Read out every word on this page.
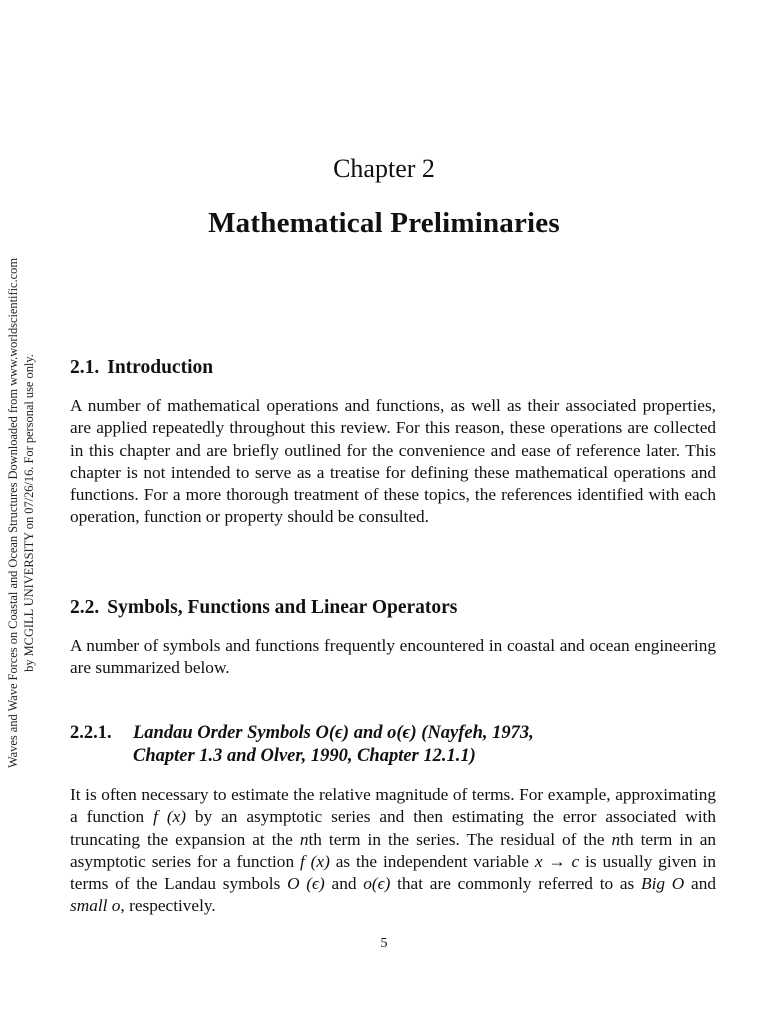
Waves and Wave Forces on Coastal and Ocean Structures Downloaded from www.worldscientific.com by MCGILL UNIVERSITY on 07/26/16. For personal use only.
Chapter 2
Mathematical Preliminaries
2.1. Introduction

A number of mathematical operations and functions, as well as their associated properties, are applied repeatedly throughout this review. For this reason, these operations are collected in this chapter and are briefly outlined for the convenience and ease of reference later. This chapter is not intended to serve as a treatise for defining these mathematical operations and functions. For a more thorough treatment of these topics, the references identified with each operation, function or property should be consulted.

2.2. Symbols, Functions and Linear Operators

A number of symbols and functions frequently encountered in coastal and ocean engineering are summarized below.

2.2.1. Landau Order Symbols O(ϵ) and o(ϵ) (Nayfeh, 1973,
Chapter 1.3 and Olver, 1990, Chapter 12.1.1)

It is often necessary to estimate the relative magnitude of terms. For example, approximating a function f (x) by an asymptotic series and then estimating the error associated with truncating the expansion at the nth term in the series. The residual of the nth term in an asymptotic series for a function f (x) as the independent variable x → c is usually given in terms of the Landau symbols O (ϵ) and o(ϵ) that are commonly referred to as Big O and small o, respectively.

5
